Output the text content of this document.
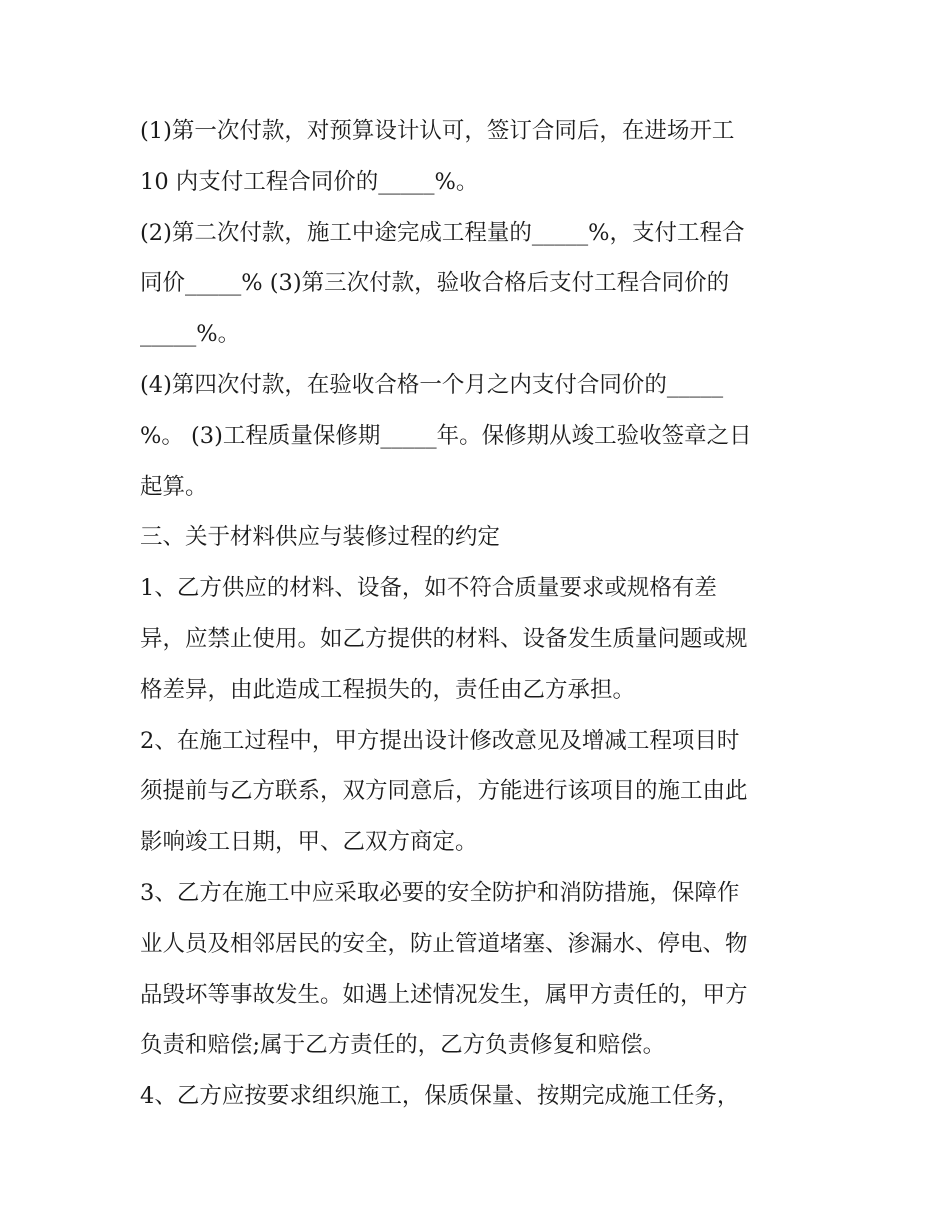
(1)第一次付款，对预算设计认可，签订合同后，在进场开工
10 内支付工程合同价的_____%。
(2)第二次付款，施工中途完成工程量的_____%，支付工程合
同价_____% (3)第三次付款，验收合格后支付工程合同价的
_____%。
(4)第四次付款，在验收合格一个月之内支付合同价的_____
%。 (3)工程质量保修期_____年。保修期从竣工验收签章之日
起算。
三、关于材料供应与装修过程的约定
1、乙方供应的材料、设备，如不符合质量要求或规格有差
异，应禁止使用。如乙方提供的材料、设备发生质量问题或规
格差异，由此造成工程损失的，责任由乙方承担。
2、在施工过程中，甲方提出设计修改意见及增减工程项目时
须提前与乙方联系，双方同意后，方能进行该项目的施工由此
影响竣工日期，甲、乙双方商定。
3、乙方在施工中应采取必要的安全防护和消防措施，保障作
业人员及相邻居民的安全，防止管道堵塞、渗漏水、停电、物
品毁坏等事故发生。如遇上述情况发生，属甲方责任的，甲方
负责和赔偿;属于乙方责任的，乙方负责修复和赔偿。
4、乙方应按要求组织施工，保质保量、按期完成施工任务，
